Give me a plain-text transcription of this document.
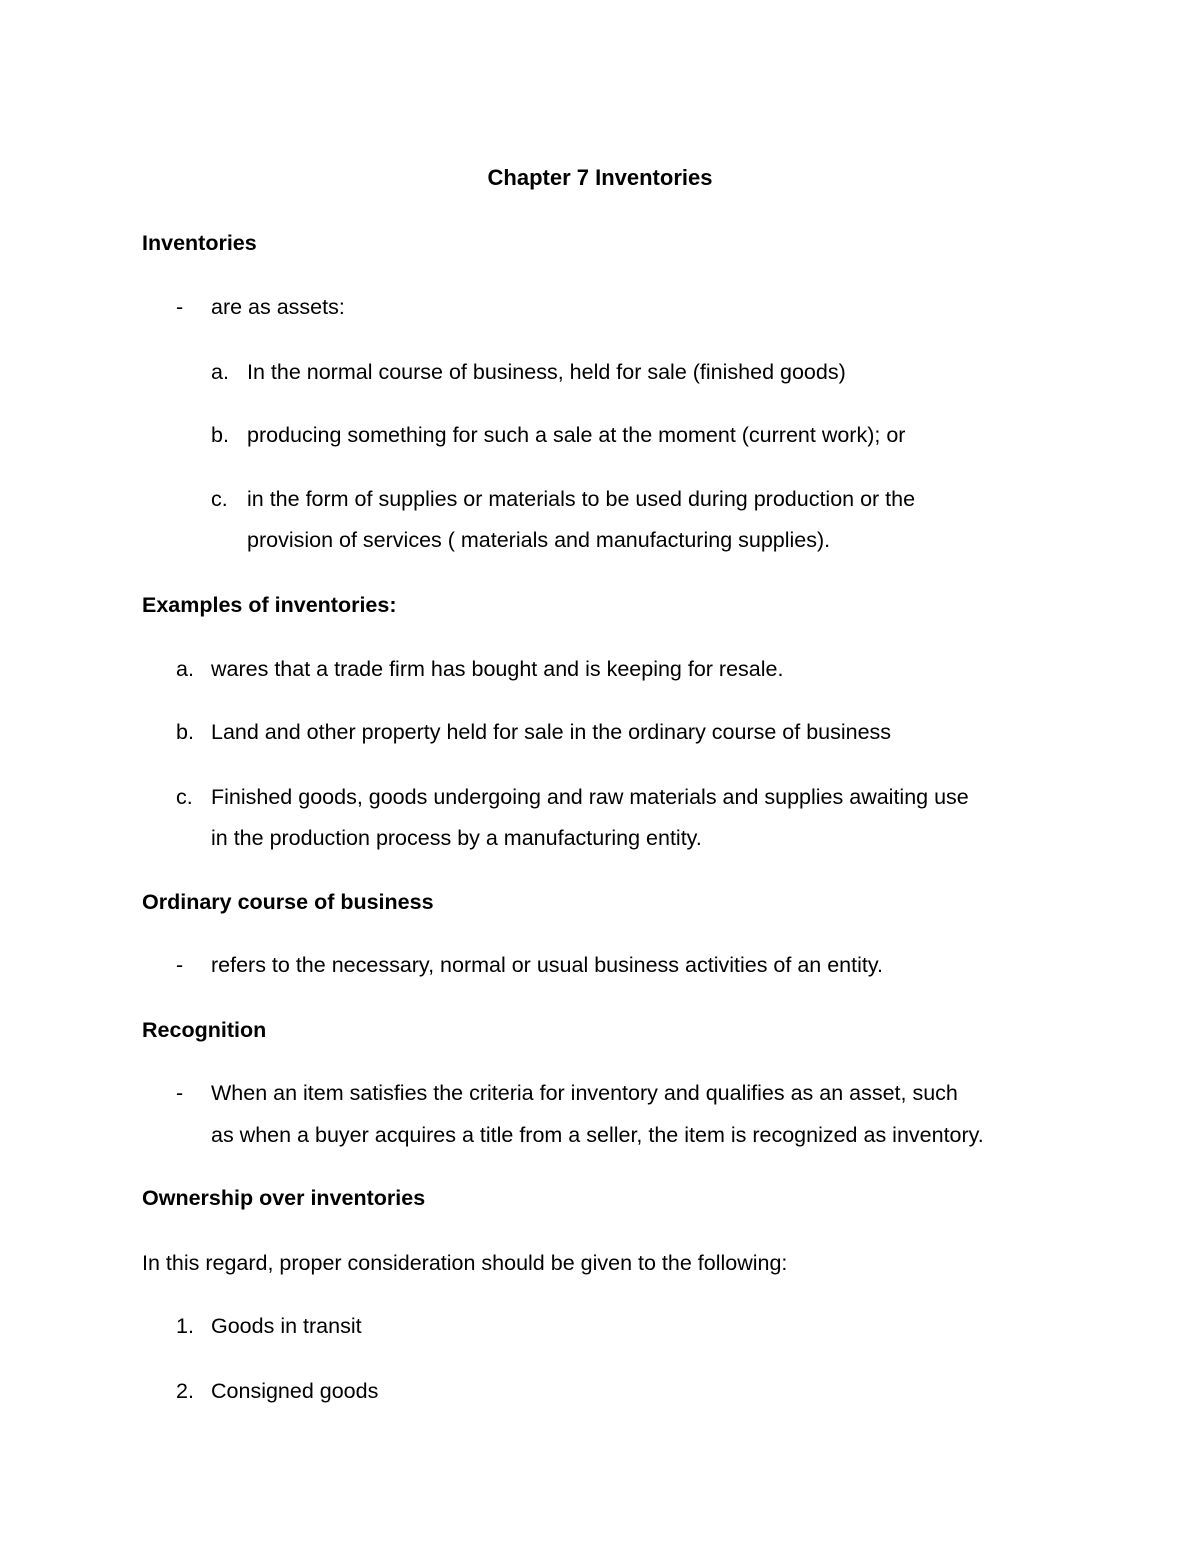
Chapter 7 Inventories
Inventories
- are as assets:
a. In the normal course of business, held for sale (finished goods)
b. producing something for such a sale at the moment (current work); or
c. in the form of supplies or materials to be used during production or the
provision of services ( materials and manufacturing supplies).
Examples of inventories:
a. wares that a trade firm has bought and is keeping for resale.
b. Land and other property held for sale in the ordinary course of business
c. Finished goods, goods undergoing and raw materials and supplies awaiting use
in the production process by a manufacturing entity.
Ordinary course of business
- refers to the necessary, normal or usual business activities of an entity.
Recognition
- When an item satisfies the criteria for inventory and qualifies as an asset, such
as when a buyer acquires a title from a seller, the item is recognized as inventory.
Ownership over inventories
In this regard, proper consideration should be given to the following:
1. Goods in transit
2. Consigned goods
